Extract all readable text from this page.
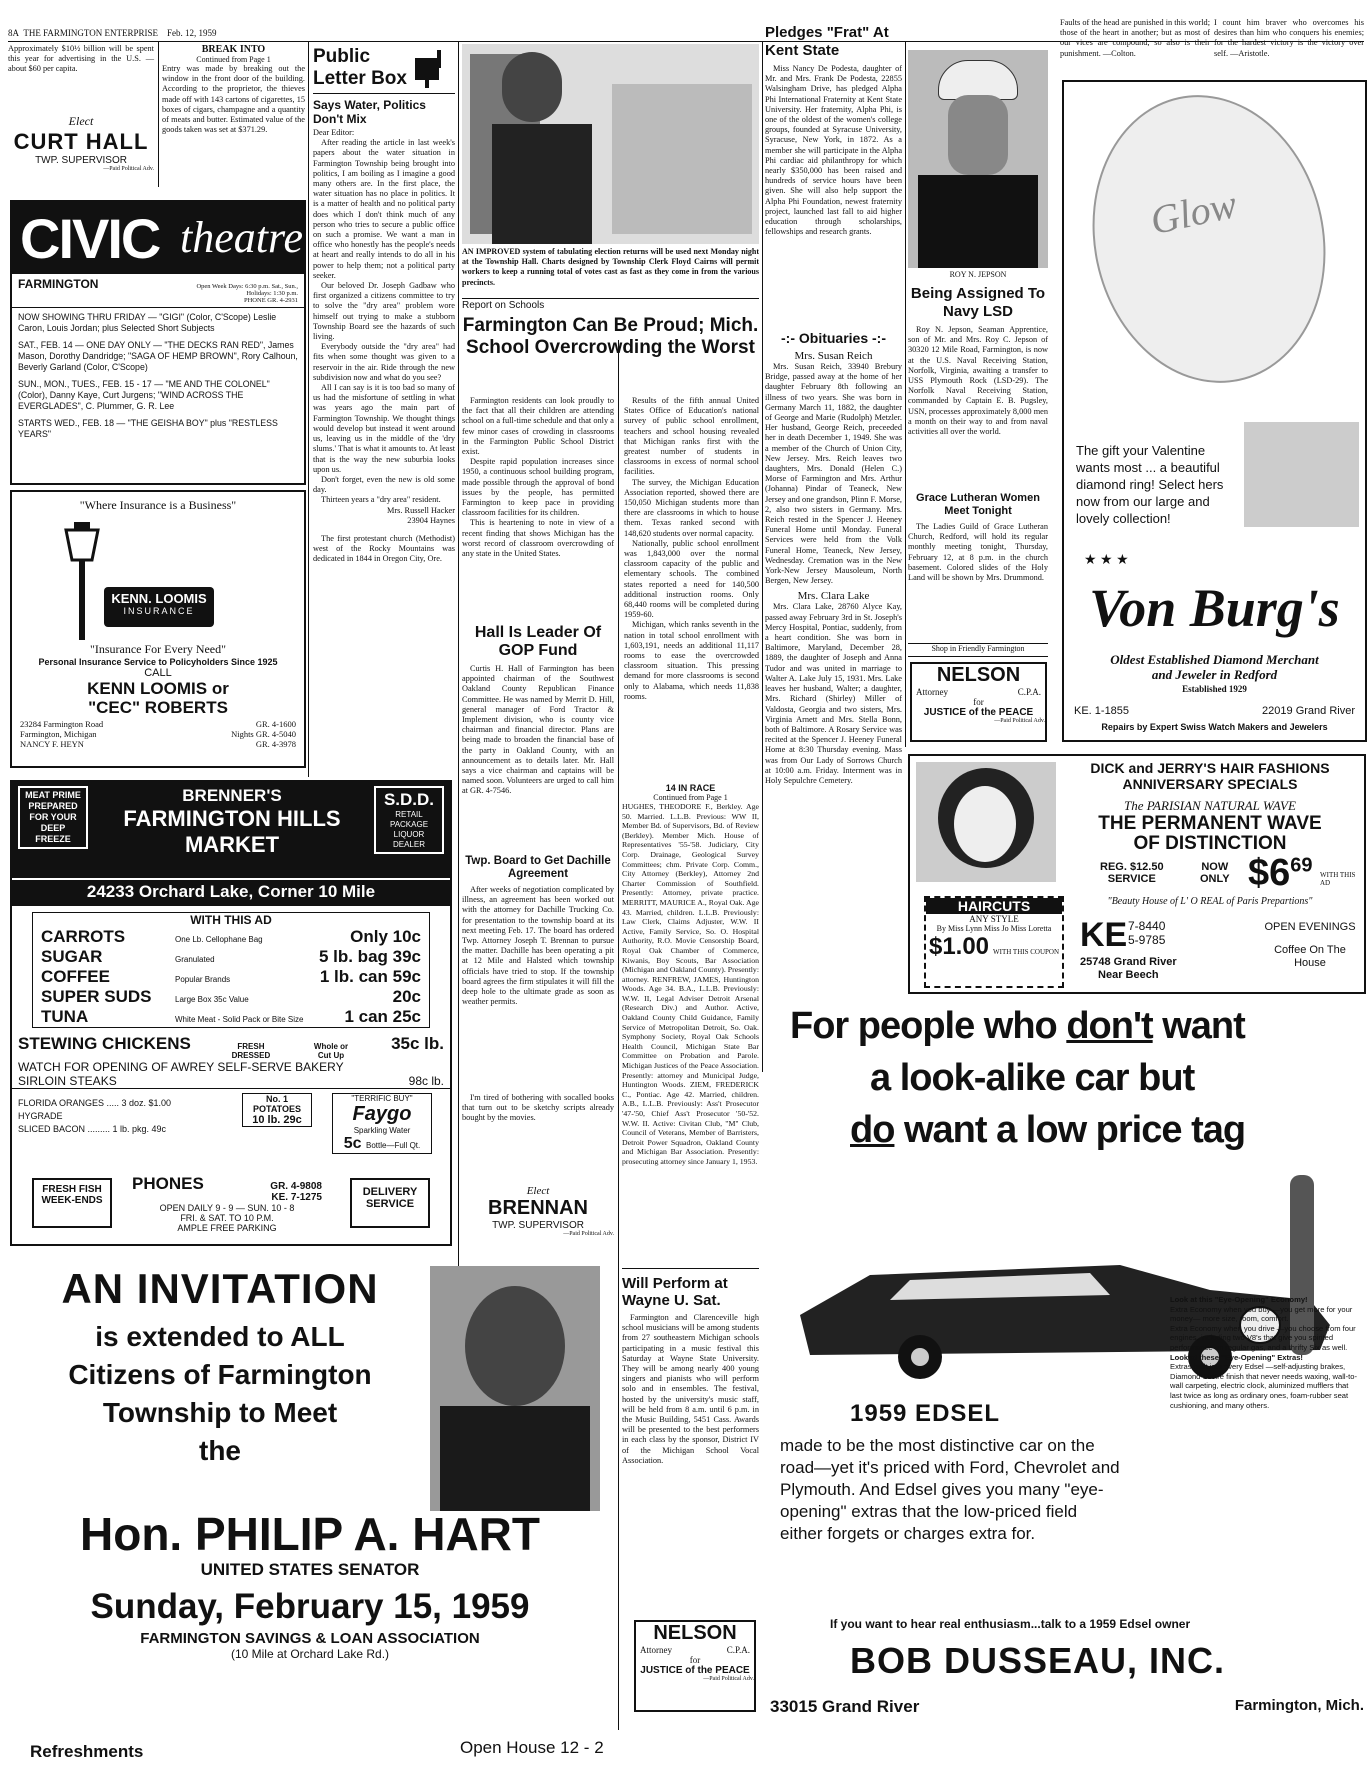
8A THE FARMINGTON ENTERPRISE Feb. 12, 1959

Approximately $10½ billion will be spent this year for advertising in the U.S. — about $60 per capita.

Elect
CURT HALL
TWP. SUPERVISOR
—Paid Political Adv.
CIVIC theatre
FARMINGTON	Open Week Days: 6:30 p.m. Sat., Sun., Holidays: 1:30 p.m.
PHONE GR. 4-2931

NOW SHOWING THRU FRIDAY — "GIGI" (Color, C'Scope) Leslie Caron, Louis Jordan; plus Selected Short Subjects

SAT., FEB. 14 — ONE DAY ONLY — "THE DECKS RAN RED", James Mason, Dorothy Dandridge; "SAGA OF HEMP BROWN", Rory Calhoun, Beverly Garland (Color, C'Scope)

SUN., MON., TUES., FEB. 15 - 17 — "ME AND THE COLONEL" (Color), Danny Kaye, Curt Jurgens; "WIND ACROSS THE EVERGLADES", C. Plummer, G. R. Lee

STARTS WED., FEB. 18 — "THE GEISHA BOY" plus "RESTLESS YEARS"

"Where Insurance is a Business"
KENN. LOOMIS
INSURANCE
"Insurance For Every Need"
Personal Insurance Service to Policyholders Since 1925
CALL
KENN LOOMIS or
"CEC" ROBERTS
23284 Farmington Road
Farmington, Michigan
NANCY F. HEYN
GR. 4-1600
Nights GR. 4-5040
GR. 4-3978
BREAK INTO
Continued from Page 1

Entry was made by breaking out the window in the front door of the building. According to the proprietor, the thieves made off with 143 cartons of cigarettes, 15 boxes of cigars, champagne and a quantity of meats and butter. Estimated value of the goods taken was set at $371.29.

Public
Letter Box
Says Water, Politics Don't Mix

Dear Editor:

After reading the article in last week's papers about the water situation in Farmington Township being brought into politics, I am boiling as I imagine a good many others are. In the first place, the water situation has no place in politics. It is a matter of health and no political party does which I don't think much of any person who tries to secure a public office on such a promise. We want a man in office who honestly has the people's needs at heart and really intends to do all in his power to help them; not a political party seeker.

Our beloved Dr. Joseph Gadbaw who first organized a citizens committee to try to solve the "dry area" problem wore himself out trying to make a stubborn Township Board see the hazards of such living.

Everybody outside the "dry area" had fits when some thought was given to a reservoir in the air. Ride through the new subdivision now and what do you see?

All I can say is it is too bad so many of us had the misfortune of settling in what was years ago the main part of Farmington Township. We thought things would develop but instead it went around us, leaving us in the middle of the 'dry slums.' That is what it amounts to. At least that is the way the new suburbia looks upon us.

Don't forget, even the new is old some day.

Thirteen years a "dry area" resident.

Mrs. Russell Hacker

23904 Haynes

The first protestant church (Methodist) west of the Rocky Mountains was dedicated in 1844 in Oregon City, Ore.

AN IMPROVED system of tabulating election returns will be used next Monday night at the Township Hall. Charts designed by Township Clerk Floyd Cairns will permit workers to keep a running total of votes cast as fast as they come in from the various precincts.

Report on Schools
Farmington Can Be Proud; Mich. School Overcrowding the Worst

Farmington residents can look proudly to the fact that all their children are attending school on a full-time schedule and that only a few minor cases of crowding in classrooms in the Farmington Public School District exist.

Despite rapid population increases since 1950, a continuous school building program, made possible through the approval of bond issues by the people, has permitted Farmington to keep pace in providing classroom facilities for its children.

This is heartening to note in view of a recent finding that shows Michigan has the worst record of classroom overcrowding of any state in the United States.

Results of the fifth annual United States Office of Education's national survey of public school enrollment, teachers and school housing revealed that Michigan ranks first with the greatest number of students in classrooms in excess of normal school facilities.

The survey, the Michigan Education Association reported, showed there are 150,050 Michigan students more than there are classrooms in which to house them. Texas ranked second with 148,620 students over normal capacity.

Nationally, public school enrollment was 1,843,000 over the normal classroom capacity of the public and elementary schools. The combined states reported a need for 140,500 additional instruction rooms. Only 68,440 rooms will be completed during 1959-60.

Michigan, which ranks seventh in the nation in total school enrollment with 1,603,191, needs an additional 11,117 rooms to ease the overcrowded classroom situation. This pressing demand for more classrooms is second only to Alabama, which needs 11,838 rooms.

Hall Is Leader Of GOP Fund

Curtis H. Hall of Farmington has been appointed chairman of the Southwest Oakland County Republican Finance Committee. He was named by Merrit D. Hill, general manager of Ford Tractor & Implement division, who is county vice chairman and financial director. Plans are being made to broaden the financial base of the party in Oakland County, with an announcement as to details later. Mr. Hall says a vice chairman and captains will be named soon. Volunteers are urged to call him at GR. 4-7546.

Twp. Board to Get Dachille Agreement

After weeks of negotiation complicated by illness, an agreement has been worked out with the attorney for Dachille Trucking Co. for presentation to the township board at its next meeting Feb. 17. The board has ordered Twp. Attorney Joseph T. Brennan to pursue the matter. Dachille has been operating a pit at 12 Mile and Halsted which township officials have tried to stop. If the township board agrees the firm stipulates it will fill the deep hole to the ultimate grade as soon as weather permits.

I'm tired of bothering with socalled books that turn out to be sketchy scripts already bought by the movies.

Elect
BRENNAN
TWP. SUPERVISOR
—Paid Political Adv.
14 IN RACE
Continued from Page 1

HUGHES, THEODORE F., Berkley. Age 50. Married. L.L.B. Previous: WW II, Member Bd. of Supervisors, Bd. of Review (Berkley). Member Mich. House of Representatives '55-'58. Judiciary, City Corp. Drainage, Geological Survey Committees; chm. Private Corp. Comm., City Attorney (Berkley), Attorney 2nd Charter Commission of Southfield. Presently: Attorney, private practice. MERRITT, MAURICE A., Royal Oak. Age 43. Married, children. L.L.B. Previously: Law Clerk, Claims Adjuster, W.W. II Active, Family Service, So. O. Hospital Authority, R.O. Movie Censorship Board, Royal Oak Chamber of Commerce, Kiwanis, Boy Scouts, Bar Association (Michigan and Oakland County). Presently: attorney. RENFREW, JAMES, Huntington Woods. Age 34. B.A., L.L.B. Previously: W.W. II, Legal Adviser Detroit Arsenal (Research Div.) and Author. Active, Oakland County Child Guidance, Family Service of Metropolitan Detroit, So. Oak. Symphony Society, Royal Oak Schools Health Council, Michigan State Bar Committee on Probation and Parole. Michigan Justices of the Peace Association. Presently: attorney and Municipal Judge, Huntington Woods. ZIEM, FREDERICK C., Pontiac. Age 42. Married, children. A.B., L.L.B. Previously: Ass't Prosecutor '47-'50, Chief Ass't Prosecutor '50-'52. W.W. II. Active: Civitan Club, "M" Club, Council of Veterans, Member of Barristers, Detroit Power Squadron, Oakland County and Michigan Bar Association. Presently: prosecuting attorney since January 1, 1953.

Will Perform at Wayne U. Sat.

Farmington and Clarenceville high school musicians will be among students from 27 southeastern Michigan schools participating in a music festival this Saturday at Wayne State University. They will be among nearly 400 young singers and pianists who will perform solo and in ensembles. The festival, hosted by the university's music staff, will be held from 8 a.m. until 6 p.m. in the Music Building, 5451 Cass. Awards will be presented to the best performers in each class by the sponsor, District IV of the Michigan School Vocal Association.

NELSON
Attorney	C.P.A.
for
JUSTICE of the PEACE
—Paid Political Adv.
Pledges "Frat" At Kent State

Miss Nancy De Podesta, daughter of Mr. and Mrs. Frank De Podesta, 22855 Walsingham Drive, has pledged Alpha Phi International Fraternity at Kent State University. Her fraternity, Alpha Phi, is one of the oldest of the women's college groups, founded at Syracuse University, Syracuse, New York, in 1872. As a member she will participate in the Alpha Phi cardiac aid philanthropy for which nearly $350,000 has been raised and hundreds of service hours have been given. She will also help support the Alpha Phi Foundation, newest fraternity project, launched last fall to aid higher education through scholarships, fellowships and research grants.

-:- Obituaries -:-
Mrs. Susan Reich

Mrs. Susan Reich, 33940 Brebury Bridge, passed away at the home of her daughter February 8th following an illness of two years. She was born in Germany March 11, 1882, the daughter of George and Marie (Rudolph) Metzler. Her husband, George Reich, preceeded her in death December 1, 1949. She was a member of the Church of Union City, New Jersey. Mrs. Reich leaves two daughters, Mrs. Donald (Helen C.) Morse of Farmington and Mrs. Arthur (Johanna) Pindar of Teaneck, New Jersey and one grandson, Plinn F. Morse, 2, also two sisters in Germany. Mrs. Reich rested in the Spencer J. Heeney Funeral Home until Monday. Funeral Services were held from the Volk Funeral Home, Teaneck, New Jersey, Wednesday. Cremation was in the New York-New Jersey Mausoleum, North Bergen, New Jersey.

Mrs. Clara Lake

Mrs. Clara Lake, 28760 Alyce Kay, passed away February 3rd in St. Joseph's Mercy Hospital, Pontiac, suddenly, from a heart condition. She was born in Baltimore, Maryland, December 28, 1889, the daughter of Joseph and Anna Tudor and was united in marriage to Walter A. Lake July 15, 1931. Mrs. Lake leaves her husband, Walter; a daughter, Mrs. Richard (Shirley) Miller of Valdosta, Georgia and two sisters, Mrs. Virginia Arnett and Mrs. Stella Bonn, both of Baltimore. A Rosary Service was recited at the Spencer J. Heeney Funeral Home at 8:30 Thursday evening. Mass was from Our Lady of Sorrows Church at 10:00 a.m. Friday. Interment was in Holy Sepulchre Cemetery.

ROY N. JEPSON
Being Assigned To Navy LSD

Roy N. Jepson, Seaman Apprentice, son of Mr. and Mrs. Roy C. Jepson of 30320 12 Mile Road, Farmington, is now at the U.S. Naval Receiving Station, Norfolk, Virginia, awaiting a transfer to USS Plymouth Rock (LSD-29). The Norfolk Naval Receiving Station, commanded by Captain E. B. Pugsley, USN, processes approximately 8,000 men a month on their way to and from naval activities all over the world.

Grace Lutheran Women Meet Tonight

The Ladies Guild of Grace Lutheran Church, Redford, will hold its regular monthly meeting tonight, Thursday, February 12, at 8 p.m. in the church basement. Colored slides of the Holy Land will be shown by Mrs. Drummond.

Shop in Friendly Farmington
NELSON
Attorney	C.P.A.
for
JUSTICE of the PEACE
—Paid Political Adv.

Faults of the head are punished in this world; those of the heart in another; but as most of our vices are compound, so also is their punishment. —Colton.

I count him braver who overcomes his desires than him who conquers his enemies; for the hardest victory is the victory over self. —Aristotle.

Glow
The gift your Valentine wants most ... a beautiful diamond ring! Select hers now from our large and lovely collection!
★ ★ ★
Von Burg's
Oldest Established Diamond Merchant
and Jeweler in Redford
Established 1929
KE. 1-1855	22019 Grand River
Repairs by Expert Swiss Watch Makers and Jewelers
DICK and JERRY'S HAIR FASHIONS
ANNIVERSARY SPECIALS
The PARISIAN NATURAL WAVE
THE PERMANENT WAVE
OF DISTINCTION
REG. $12.50
SERVICE
NOW
ONLY $\$6^{69}$ WITH THIS AD
"Beauty House of L' O REAL of Paris Prepartions"
HAIRCUTS
ANY STYLE
By Miss Lynn Miss Jo Miss Loretta
$1.00 WITH THIS COUPON KE 7-8440
5-9785
25748 Grand River
Near Beech
OPEN EVENINGS
Coffee On The House
For people who don't want
a look-alike car but
do want a low price tag
1959 EDSEL
made to be the most distinctive car on the road—yet it's priced with Ford, Chevrolet and Plymouth. And Edsel gives you many "eye-opening" extras that the low-priced field either forgets or charges extra for.
Look at this "Eye-Opening" Economy!
Extra Economy when you buy —you get more for your money— more size, room, comfort.
Extra Economy when you drive —you choose from four engines, including two V8's that give you spirited performance on regular gas, and a thrifty Six as well.
Look at these "Eye-Opening" Extras!
Extras built into every Edsel —self-adjusting brakes, Diamond-Lustre finish that never needs waxing, wall-to-wall carpeting, electric clock, aluminized mufflers that last twice as long as ordinary ones, foam-rubber seat cushioning, and many others.
If you want to hear real enthusiasm...talk to a 1959 Edsel owner
BOB DUSSEAU, INC.
33015 Grand River	Farmington, Mich.
MEAT PRIME PREPARED FOR YOUR DEEP FREEZE
BRENNER'S
FARMINGTON HILLS
MARKET
S.D.D.
RETAIL PACKAGE LIQUOR DEALER
24233 Orchard Lake, Corner 10 Mile
WITH THIS AD
CARROTS	One Lb. Cellophane Bag	Only 10c
SUGAR	Granulated	5 lb. bag 39c
COFFEE	Popular Brands	1 lb. can 59c
SUPER SUDS	Large Box 35c Value	20c
TUNA	White Meat - Solid Pack or Bite Size	1 can 25c
STEWING CHICKENS	FRESH DRESSED
Whole or Cut Up
35c lb.
WATCH FOR OPENING OF AWREY SELF-SERVE BAKERY
SIRLOIN STEAKS	98c lb.
FLORIDA ORANGES ..... 3 doz. $1.00
HYGRADE
SLICED BACON ......... 1 lb. pkg. 49c
No. 1
POTATOES
10 lb. 29c
"TERRIFIC BUY"
Faygo
Sparkling Water
5c Bottle—Full Qt.
FRESH FISH WEEK-ENDS
PHONES	GR. 4-9808
KE. 7-1275
OPEN DAILY 9 - 9 — SUN. 10 - 8
FRI. & SAT. TO 10 P.M.
AMPLE FREE PARKING
DELIVERY SERVICE
AN INVITATION
is extended to ALL
Citizens of Farmington
Township to Meet
the
Hon. PHILIP A. HART
UNITED STATES SENATOR
Sunday, February 15, 1959
FARMINGTON SAVINGS & LOAN ASSOCIATION
(10 Mile at Orchard Lake Rd.)
Refreshments	Open House 12 - 2
